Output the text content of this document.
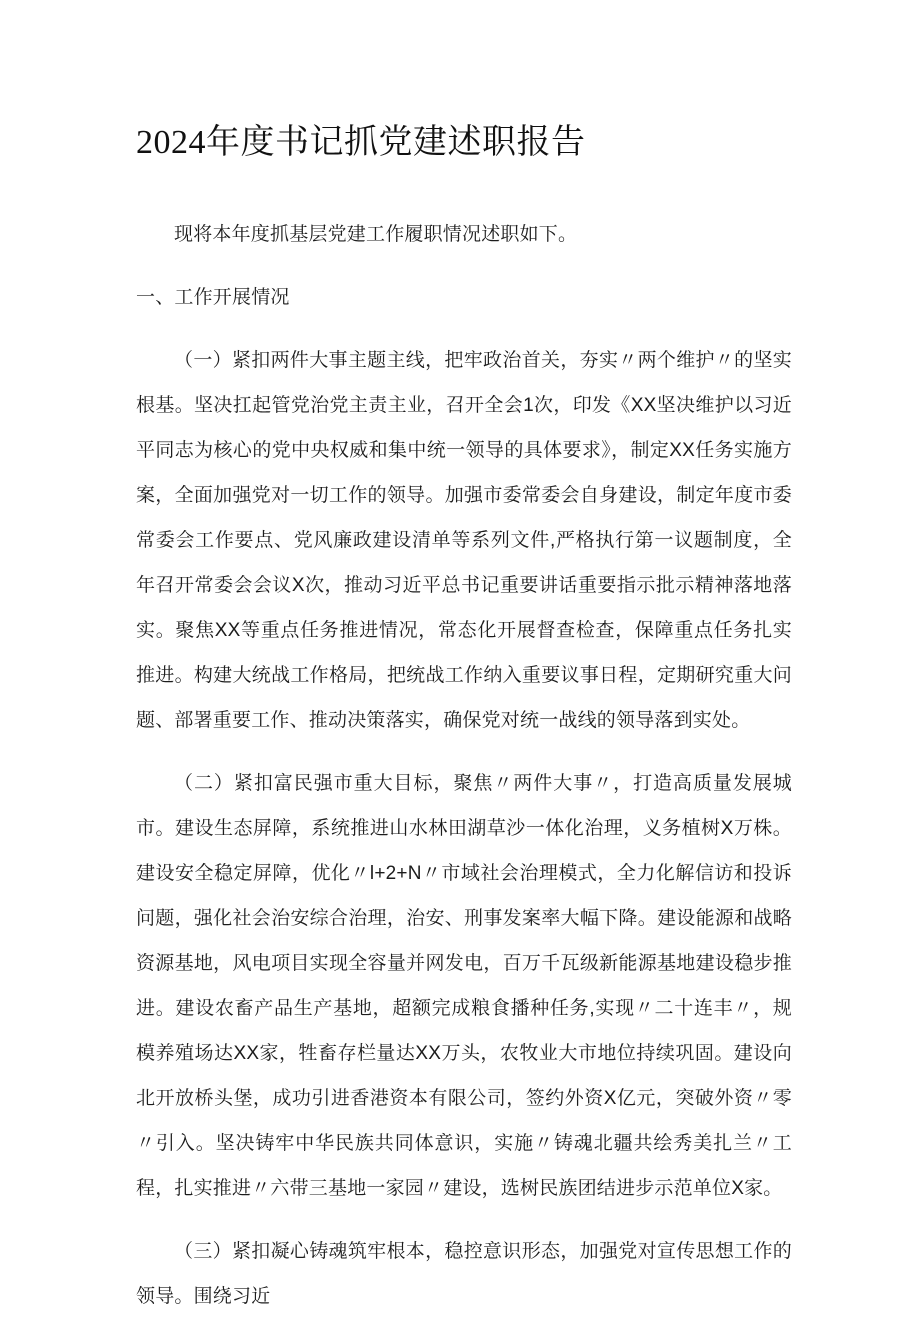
2024年度书记抓党建述职报告

现将本年度抓基层党建工作履职情况述职如下。

一、工作开展情况

（一）紧扣两件大事主题主线，把牢政治首关，夯实〃两个维护〃的坚实根基。坚决扛起管党治党主责主业，召开全会1次，印发《XX坚决维护以习近平同志为核心的党中央权威和集中统一领导的具体要求》，制定XX任务实施方案，全面加强党对一切工作的领导。加强市委常委会自身建设，制定年度市委常委会工作要点、党风廉政建设清单等系列文件,严格执行第一议题制度，全年召开常委会会议X次，推动习近平总书记重要讲话重要指示批示精神落地落实。聚焦XX等重点任务推进情况，常态化开展督查检查，保障重点任务扎实推进。构建大统战工作格局，把统战工作纳入重要议事日程，定期研究重大问题、部署重要工作、推动决策落实，确保党对统一战线的领导落到实处。

（二）紧扣富民强市重大目标，聚焦〃两件大事〃，打造高质量发展城市。建设生态屏障，系统推进山水林田湖草沙一体化治理，义务植树X万株。建设安全稳定屏障，优化〃l+2+N〃市域社会治理模式，全力化解信访和投诉问题，强化社会治安综合治理，治安、刑事发案率大幅下降。建设能源和战略资源基地，风电项目实现全容量并网发电，百万千瓦级新能源基地建设稳步推进。建设农畜产品生产基地，超额完成粮食播种任务,实现〃二十连丰〃，规模养殖场达XX家，牲畜存栏量达XX万头，农牧业大市地位持续巩固。建设向北开放桥头堡，成功引进香港资本有限公司，签约外资X亿元，突破外资〃零〃引入。坚决铸牢中华民族共同体意识，实施〃铸魂北疆共绘秀美扎兰〃工程，扎实推进〃六带三基地一家园〃建设，选树民族团结进步示范单位X家。

（三）紧扣凝心铸魂筑牢根本，稳控意识形态，加强党对宣传思想工作的领导。围绕习近
